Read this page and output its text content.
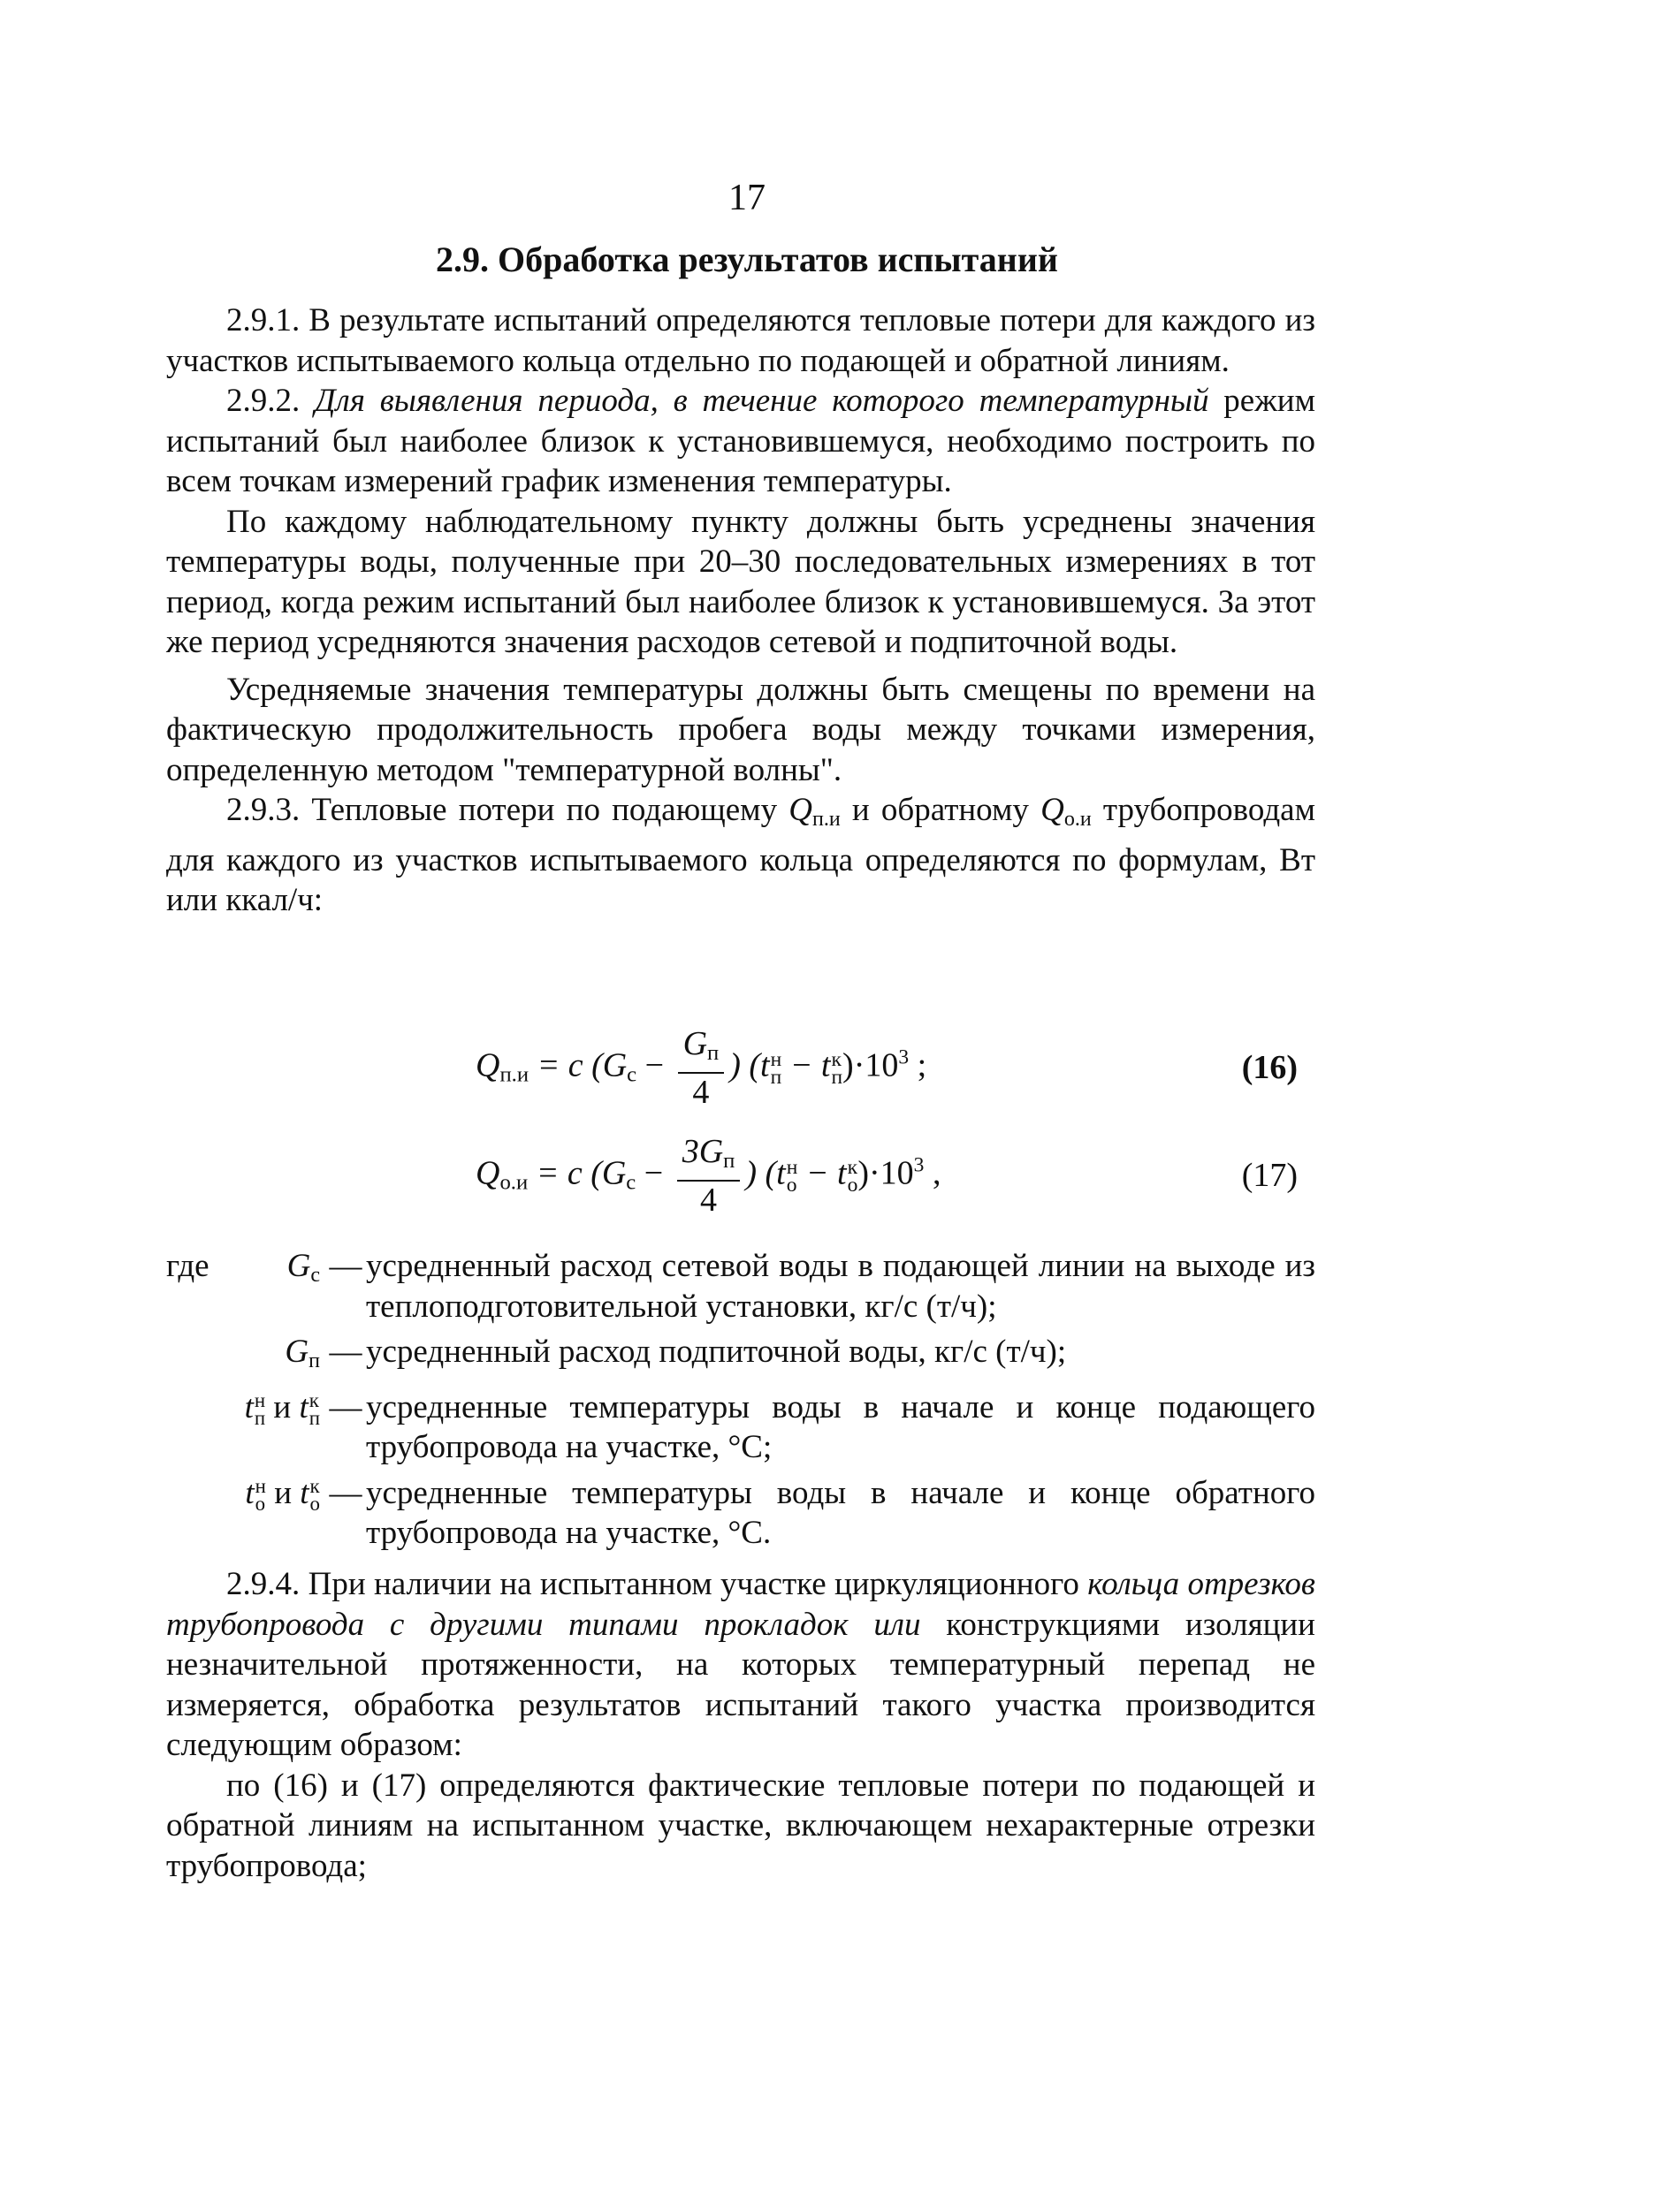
17
2.9. Обработка результатов испытаний

2.9.1. В результате испытаний определяются тепловые потери для каждого из участков испытываемого кольца отдельно по подающей и обратной линиям.

2.9.2. Для выявления периода, в течение которого температурный режим испытаний был наиболее близок к установившемуся, необходимо построить по всем точкам измерений график изменения температуры.

По каждому наблюдательному пункту должны быть усреднены значения температуры воды, полученные при 20–30 последовательных измерениях в тот период, когда режим испытаний был наиболее близок к установившемуся. За этот же период усредняются значения расходов сетевой и подпиточной воды.

Усредняемые значения температуры должны быть смещены по времени на фактическую продолжительность пробега воды между точками измерения, определенную методом "температурной волны".

2.9.3. Тепловые потери по подающему $Q_{п.и}$ и обратному $Q_{о.и}$ трубопроводам для каждого из участков испытываемого кольца определяются по формулам, Вт или ккал/ч:

$Q_{п.и} = c$ ($G_с - \frac{G_п}{4}$ ) (t н
п − t к
п )$\cdot 10^3$ ;	(16)
$Q_{о.и} = c$ ($G_с - \frac{3G_п}{4}$ ) (t н
о − t к
о )$\cdot 10^3$ ,	(17)
где	$G_с$ — усредненный расход сетевой воды в подающей линии на выходе из теплоподготовительной установки, кг/с (т/ч);
$G_п$ — усредненный расход подпиточной воды, кг/с (т/ч);
t н
п и t к
п — усредненные температуры воды в начале и конце подающего трубопровода на участке, °С;
t н
о и t к
о — усредненные температуры воды в начале и конце обратного трубопровода на участке, °С.

2.9.4. При наличии на испытанном участке циркуляционного кольца отрезков трубопровода с другими типами прокладок или конструкциями изоляции незначительной протяженности, на которых температурный перепад не измеряется, обработка результатов испытаний такого участка производится следующим образом:

по (16) и (17) определяются фактические тепловые потери по подающей и обратной линиям на испытанном участке, включающем нехарактерные отрезки трубопровода;
